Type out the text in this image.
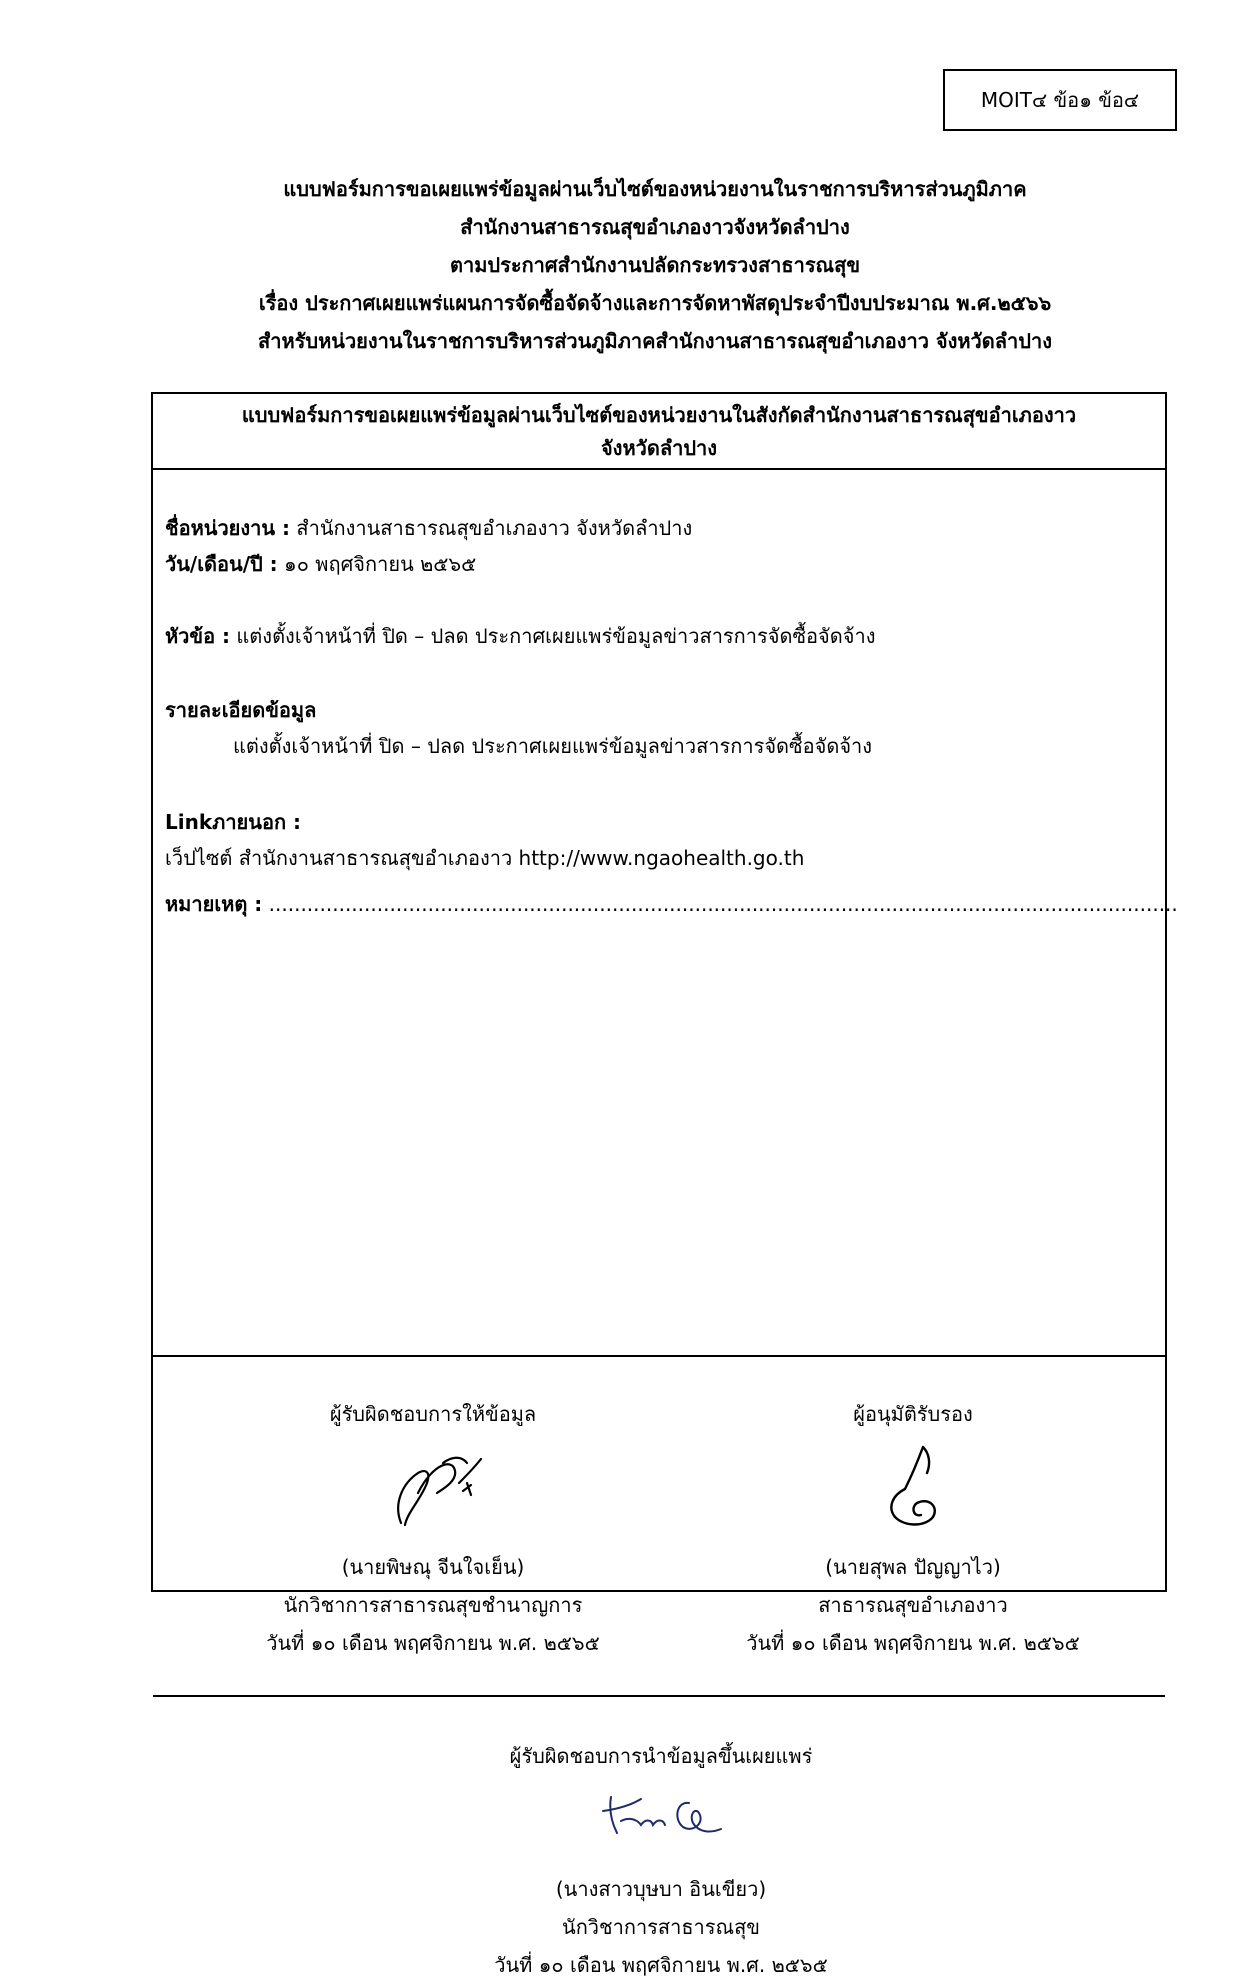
MOIT๔ ข้อ๑ ข้อ๔
แบบฟอร์มการขอเผยแพร่ข้อมูลผ่านเว็บไซต์ของหน่วยงานในราชการบริหารส่วนภูมิภาค
สำนักงานสาธารณสุขอำเภองาวจังหวัดลำปาง
ตามประกาศสำนักงานปลัดกระทรวงสาธารณสุข
เรื่อง ประกาศเผยแพร่แผนการจัดซื้อจัดจ้างและการจัดหาพัสดุประจำปีงบประมาณ พ.ศ.๒๕๖๖
สำหรับหน่วยงานในราชการบริหารส่วนภูมิภาคสำนักงานสาธารณสุขอำเภองาว จังหวัดลำปาง
แบบฟอร์มการขอเผยแพร่ข้อมูลผ่านเว็บไซต์ของหน่วยงานในสังกัดสำนักงานสาธารณสุขอำเภองาว
จังหวัดลำปาง
ชื่อหน่วยงาน : สำนักงานสาธารณสุขอำเภองาว จังหวัดลำปาง
วัน/เดือน/ปี : ๑๐ พฤศจิกายน ๒๕๖๕
หัวข้อ : แต่งตั้งเจ้าหน้าที่ ปิด – ปลด ประกาศเผยแพร่ข้อมูลข่าวสารการจัดซื้อจัดจ้าง
รายละเอียดข้อมูล
แต่งตั้งเจ้าหน้าที่ ปิด – ปลด ประกาศเผยแพร่ข้อมูลข่าวสารการจัดซื้อจัดจ้าง
Linkภายนอก :
เว็ปไซต์ สำนักงานสาธารณสุขอำเภองาว http://www.ngaohealth.go.th
หมายเหตุ : ...............................................................................................................................................
ผู้รับผิดชอบการให้ข้อมูล
(นายพิษณุ จีนใจเย็น)
นักวิชาการสาธารณสุขชำนาญการ
วันที่ ๑๐ เดือน พฤศจิกายน พ.ศ. ๒๕๖๕
ผู้อนุมัติรับรอง
(นายสุพล ปัญญาไว)
สาธารณสุขอำเภองาว
วันที่ ๑๐ เดือน พฤศจิกายน พ.ศ. ๒๕๖๕
ผู้รับผิดชอบการนำข้อมูลขึ้นเผยแพร่
(นางสาวบุษบา อินเขียว)
นักวิชาการสาธารณสุข
วันที่ ๑๐ เดือน พฤศจิกายน พ.ศ. ๒๕๖๕
